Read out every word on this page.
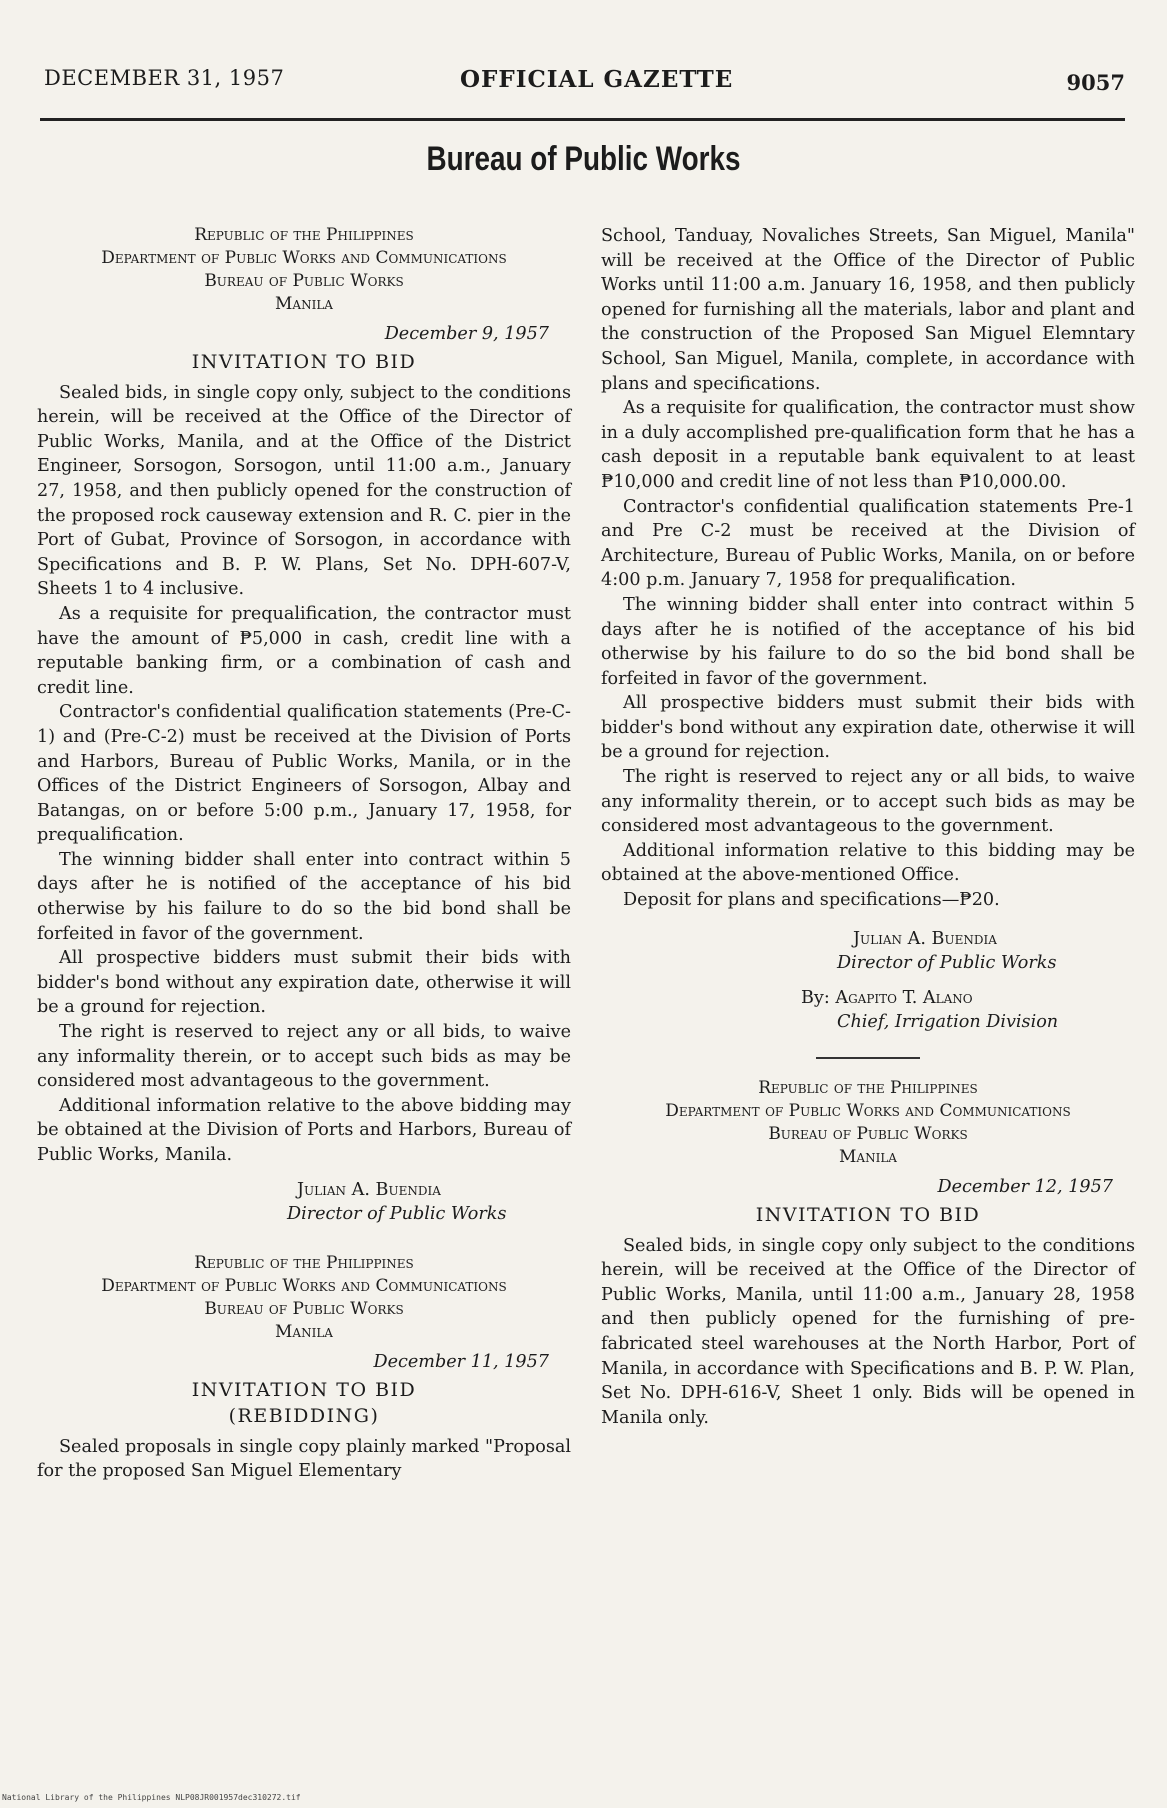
DECEMBER 31, 1957	OFFICIAL GAZETTE	9057
Bureau of Public Works
Republic of the Philippines
Department of Public Works and Communications
Bureau of Public Works
Manila
December 9, 1957
INVITATION TO BID

Sealed bids, in single copy only, subject to the conditions herein, will be received at the Office of the Director of Public Works, Manila, and at the Office of the District Engineer, Sorsogon, Sorsogon, until 11:00 a.m., January 27, 1958, and then publicly opened for the construction of the proposed rock causeway extension and R. C. pier in the Port of Gubat, Province of Sorsogon, in accordance with Specifications and B. P. W. Plans, Set No. DPH-607-V, Sheets 1 to 4 inclusive.

As a requisite for prequalification, the contractor must have the amount of ₱5,000 in cash, credit line with a reputable banking firm, or a combination of cash and credit line.

Contractor's confidential qualification statements (Pre-C-1) and (Pre-C-2) must be received at the Division of Ports and Harbors, Bureau of Public Works, Manila, or in the Offices of the District Engineers of Sorsogon, Albay and Batangas, on or before 5:00 p.m., January 17, 1958, for prequalification.

The winning bidder shall enter into contract within 5 days after he is notified of the acceptance of his bid otherwise by his failure to do so the bid bond shall be forfeited in favor of the government.

All prospective bidders must submit their bids with bidder's bond without any expiration date, otherwise it will be a ground for rejection.

The right is reserved to reject any or all bids, to waive any informality therein, or to accept such bids as may be considered most advantageous to the government.

Additional information relative to the above bidding may be obtained at the Division of Ports and Harbors, Bureau of Public Works, Manila.

Julian A. Buendia
Director of Public Works
Republic of the Philippines
Department of Public Works and Communications
Bureau of Public Works
Manila
December 11, 1957
INVITATION TO BID
(REBIDDING)

Sealed proposals in single copy plainly marked "Proposal for the proposed San Miguel Elementary

School, Tanduay, Novaliches Streets, San Miguel, Manila" will be received at the Office of the Director of Public Works until 11:00 a.m. January 16, 1958, and then publicly opened for furnishing all the materials, labor and plant and the construction of the Proposed San Miguel Elemntary School, San Miguel, Manila, complete, in accordance with plans and specifications.

As a requisite for qualification, the contractor must show in a duly accomplished pre-qualification form that he has a cash deposit in a reputable bank equivalent to at least ₱10,000 and credit line of not less than ₱10,000.00.

Contractor's confidential qualification statements Pre-1 and Pre C-2 must be received at the Division of Architecture, Bureau of Public Works, Manila, on or before 4:00 p.m. January 7, 1958 for prequalification.

The winning bidder shall enter into contract within 5 days after he is notified of the acceptance of his bid otherwise by his failure to do so the bid bond shall be forfeited in favor of the government.

All prospective bidders must submit their bids with bidder's bond without any expiration date, otherwise it will be a ground for rejection.

The right is reserved to reject any or all bids, to waive any informality therein, or to accept such bids as may be considered most advantageous to the government.

Additional information relative to this bidding may be obtained at the above-mentioned Office.

Deposit for plans and specifications—₱20.

Julian A. Buendia
Director of Public Works
By: Agapito T. Alano
Chief, Irrigation Division
Republic of the Philippines
Department of Public Works and Communications
Bureau of Public Works
Manila
December 12, 1957
INVITATION TO BID

Sealed bids, in single copy only subject to the conditions herein, will be received at the Office of the Director of Public Works, Manila, until 11:00 a.m., January 28, 1958 and then publicly opened for the furnishing of pre-fabricated steel warehouses at the North Harbor, Port of Manila, in accordance with Specifications and B. P. W. Plan, Set No. DPH-616-V, Sheet 1 only. Bids will be opened in Manila only.

National Library of the Philippines NLP08JR001957dec310272.tif
